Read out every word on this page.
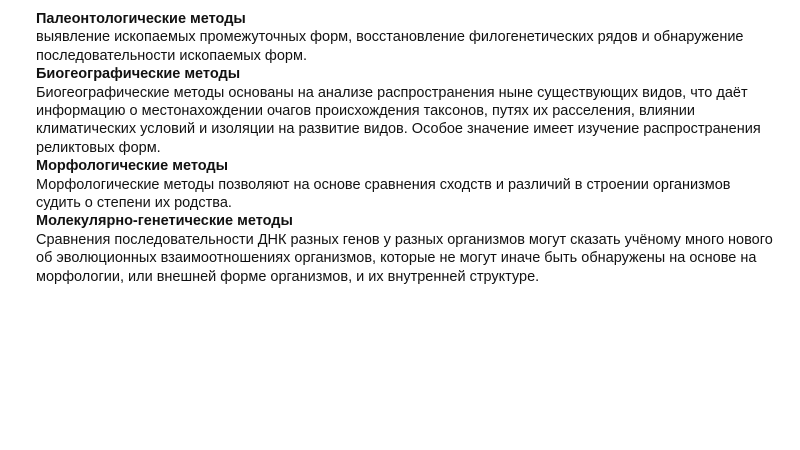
Палеонтологические методы

выявление ископаемых промежуточных форм, восстановление филогенетических рядов и обнаружение последовательности ископаемых форм.

Биогеографические методы

Биогеографические методы основаны на анализе распространения ныне существующих видов, что даёт информацию о местонахождении очагов происхождения таксонов, путях их расселения, влиянии климатических условий и изоляции на развитие видов. Особое значение имеет изучение распространения реликтовых форм.

Морфологические методы

Морфологические методы позволяют на основе сравнения сходств и различий в строении организмов судить о степени их родства.

Молекулярно-генетические методы

Сравнения последовательности ДНК разных генов у разных организмов могут сказать учёному много нового об эволюционных взаимоотношениях организмов, которые не могут иначе быть обнаружены на основе на морфологии, или внешней форме организмов, и их внутренней структуре.
